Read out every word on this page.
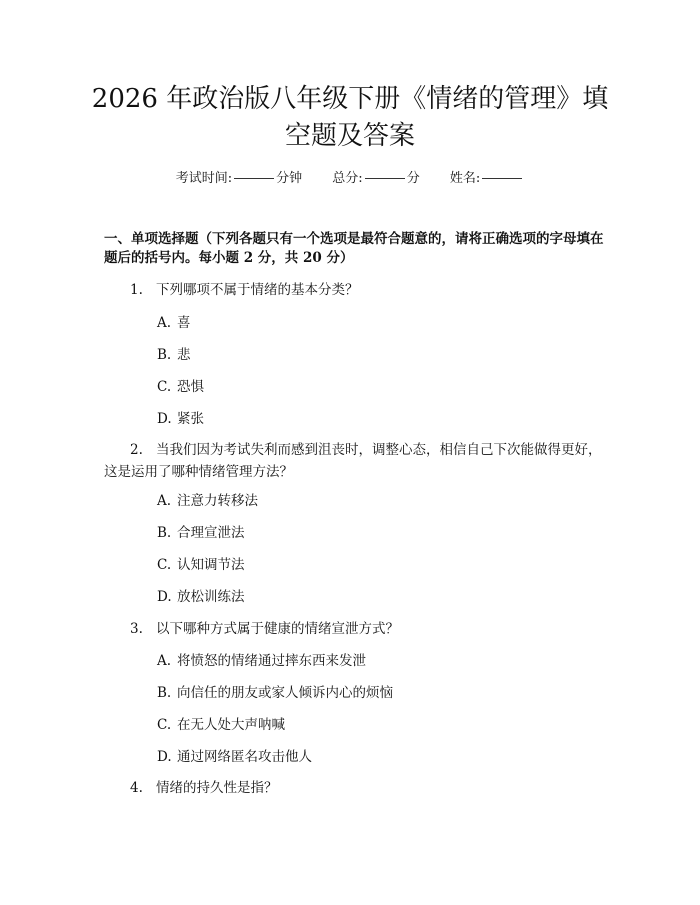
2026 年政治版八年级下册《情绪的管理》填
空题及答案
考试时间:	分钟 总分:	分 姓名:

一、单项选择题（下列各题只有一个选项是最符合题意的，请将正确选项的字母填在题后的括号内。每小题 2 分，共 20 分）

1. 下列哪项不属于情绪的基本分类？

A. 喜
B. 悲
C. 恐惧
D. 紧张

2. 当我们因为考试失利而感到沮丧时，调整心态，相信自己下次能做得更好，这是运用了哪种情绪管理方法？

A. 注意力转移法
B. 合理宣泄法
C. 认知调节法
D. 放松训练法

3. 以下哪种方式属于健康的情绪宣泄方式？

A. 将愤怒的情绪通过摔东西来发泄
B. 向信任的朋友或家人倾诉内心的烦恼
C. 在无人处大声呐喊
D. 通过网络匿名攻击他人

4. 情绪的持久性是指？
